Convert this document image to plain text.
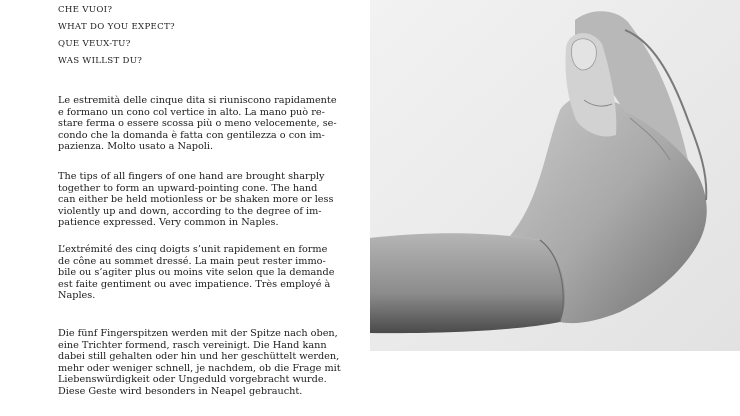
CHE VUOI?
WHAT DO YOU EXPECT?
QUE VEUX-TU?
WAS WILLST DU?

Le estremità delle cinque dita si riuniscono rapidamente

e formano un cono col vertice in alto. La mano può re-

stare ferma o essere scossa più o meno velocemente, se-

condo che la domanda è fatta con gentilezza o con im-

pazienza. Molto usato a Napoli.

The tips of all fingers of one hand are brought sharply

together to form an upward-pointing cone. The hand

can either be held motionless or be shaken more or less

violently up and down, according to the degree of im-

patience expressed. Very common in Naples.

L’extrémité des cinq doigts s’unit rapidement en forme

de cône au sommet dressé. La main peut rester immo-

bile ou s’agiter plus ou moins vite selon que la demande

est faite gentiment ou avec impatience. Très employé à

Naples.

Die fünf Fingerspitzen werden mit der Spitze nach oben,

eine Trichter formend, rasch vereinigt. Die Hand kann

dabei still gehalten oder hin und her geschüttelt werden,

mehr oder weniger schnell, je nachdem, ob die Frage mit

Liebenswürdigkeit oder Ungeduld vorgebracht wurde.

Diese Geste wird besonders in Neapel gebraucht.
